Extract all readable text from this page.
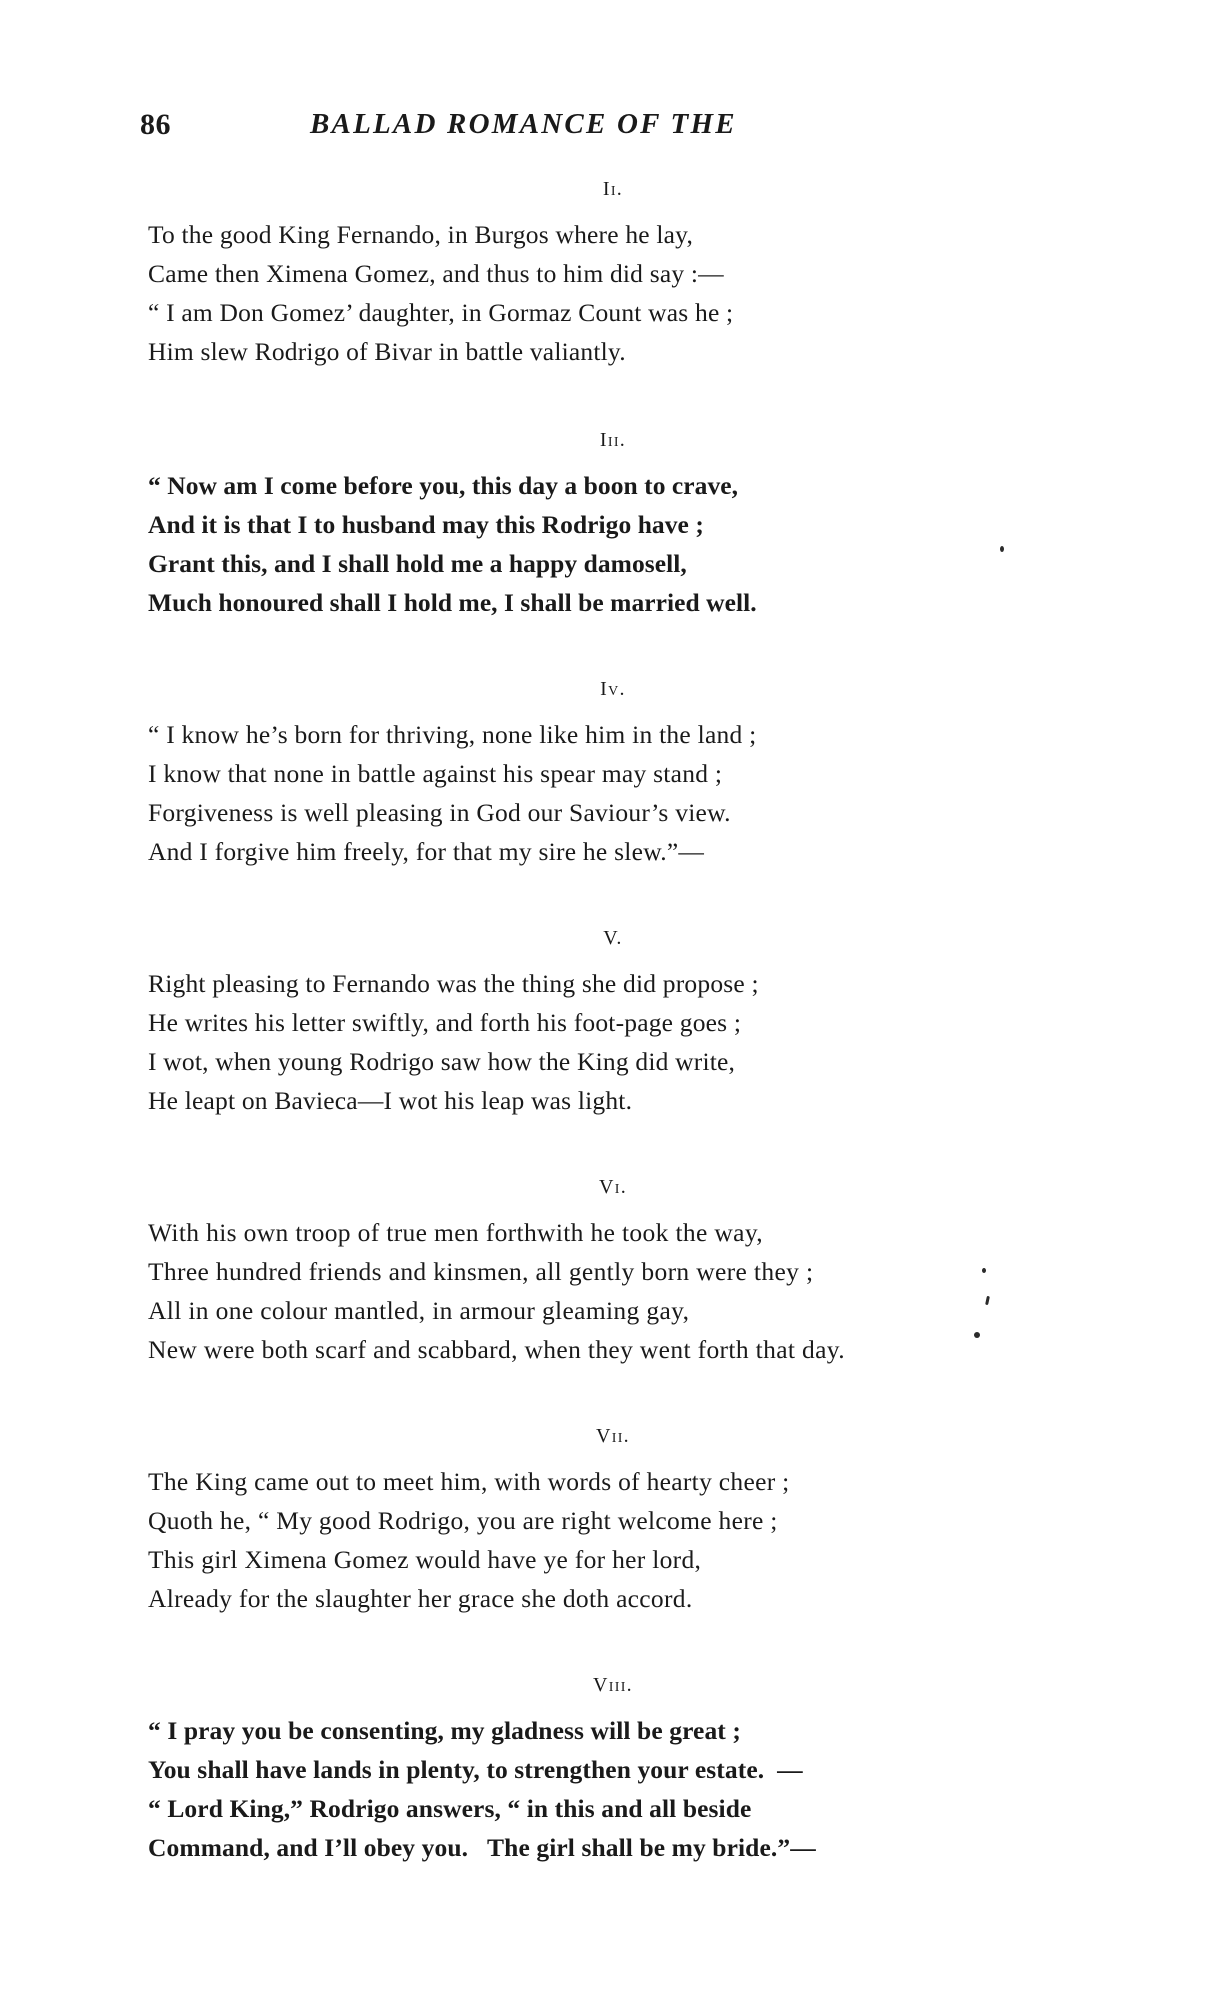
86	BALLAD ROMANCE OF THE
Ii.
To the good King Fernando, in Burgos where he lay,
Came then Ximena Gomez, and thus to him did say :—
“ I am Don Gomez’ daughter, in Gormaz Count was he ;
Him slew Rodrigo of Bivar in battle valiantly.
Iii.
“ Now am I come before you, this day a boon to crave,
And it is that I to husband may this Rodrigo have ;
Grant this, and I shall hold me a happy damosell,
Much honoured shall I hold me, I shall be married well.
Iv.
“ I know he’s born for thriving, none like him in the land ;
I know that none in battle against his spear may stand ;
Forgiveness is well pleasing in God our Saviour’s view.
And I forgive him freely, for that my sire he slew.”—
V.
Right pleasing to Fernando was the thing she did propose ;
He writes his letter swiftly, and forth his foot-page goes ;
I wot, when young Rodrigo saw how the King did write,
He leapt on Bavieca—I wot his leap was light.
Vi.
With his own troop of true men forthwith he took the way,
Three hundred friends and kinsmen, all gently born were they ;
All in one colour mantled, in armour gleaming gay,
New were both scarf and scabbard, when they went forth that day.
Vii.
The King came out to meet him, with words of hearty cheer ;
Quoth he, “ My good Rodrigo, you are right welcome here ;
This girl Ximena Gomez would have ye for her lord,
Already for the slaughter her grace she doth accord.
Viii.
“ I pray you be consenting, my gladness will be great ;
You shall have lands in plenty, to strengthen your estate.  —
“ Lord King,” Rodrigo answers, “ in this and all beside
Command, and I’ll obey you.   The girl shall be my bride.”—
